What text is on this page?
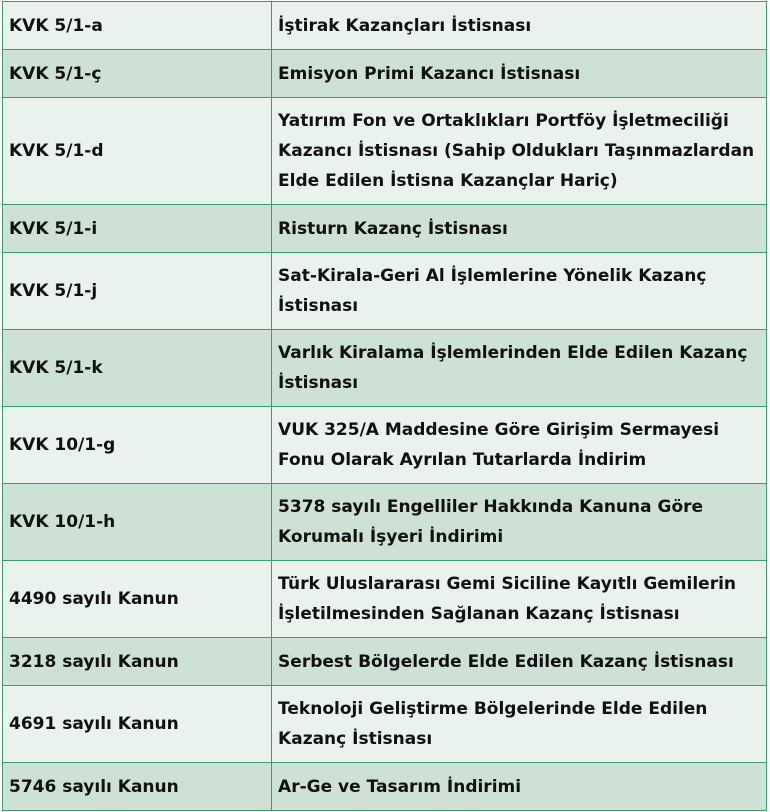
KVK 5/1-a	İştirak Kazançları İstisnası
KVK 5/1-ç	Emisyon Primi Kazancı İstisnası
KVK 5/1-d	Yatırım Fon ve Ortaklıkları Portföy İşletmeciliği Kazancı İstisnası (Sahip Oldukları Taşınmazlardan Elde Edilen İstisna Kazançlar Hariç)
KVK 5/1-i	Risturn Kazanç İstisnası
KVK 5/1-j	Sat-Kirala-Geri Al İşlemlerine Yönelik Kazanç İstisnası
KVK 5/1-k	Varlık Kiralama İşlemlerinden Elde Edilen Kazanç İstisnası
KVK 10/1-g	VUK 325/A Maddesine Göre Girişim Sermayesi Fonu Olarak Ayrılan Tutarlarda İndirim
KVK 10/1-h	5378 sayılı Engelliler Hakkında Kanuna Göre Korumalı İşyeri İndirimi
4490 sayılı Kanun	Türk Uluslararası Gemi Siciline Kayıtlı Gemilerin İşletilmesinden Sağlanan Kazanç İstisnası
3218 sayılı Kanun	Serbest Bölgelerde Elde Edilen Kazanç İstisnası
4691 sayılı Kanun	Teknoloji Geliştirme Bölgelerinde Elde Edilen Kazanç İstisnası
5746 sayılı Kanun	Ar-Ge ve Tasarım İndirimi
